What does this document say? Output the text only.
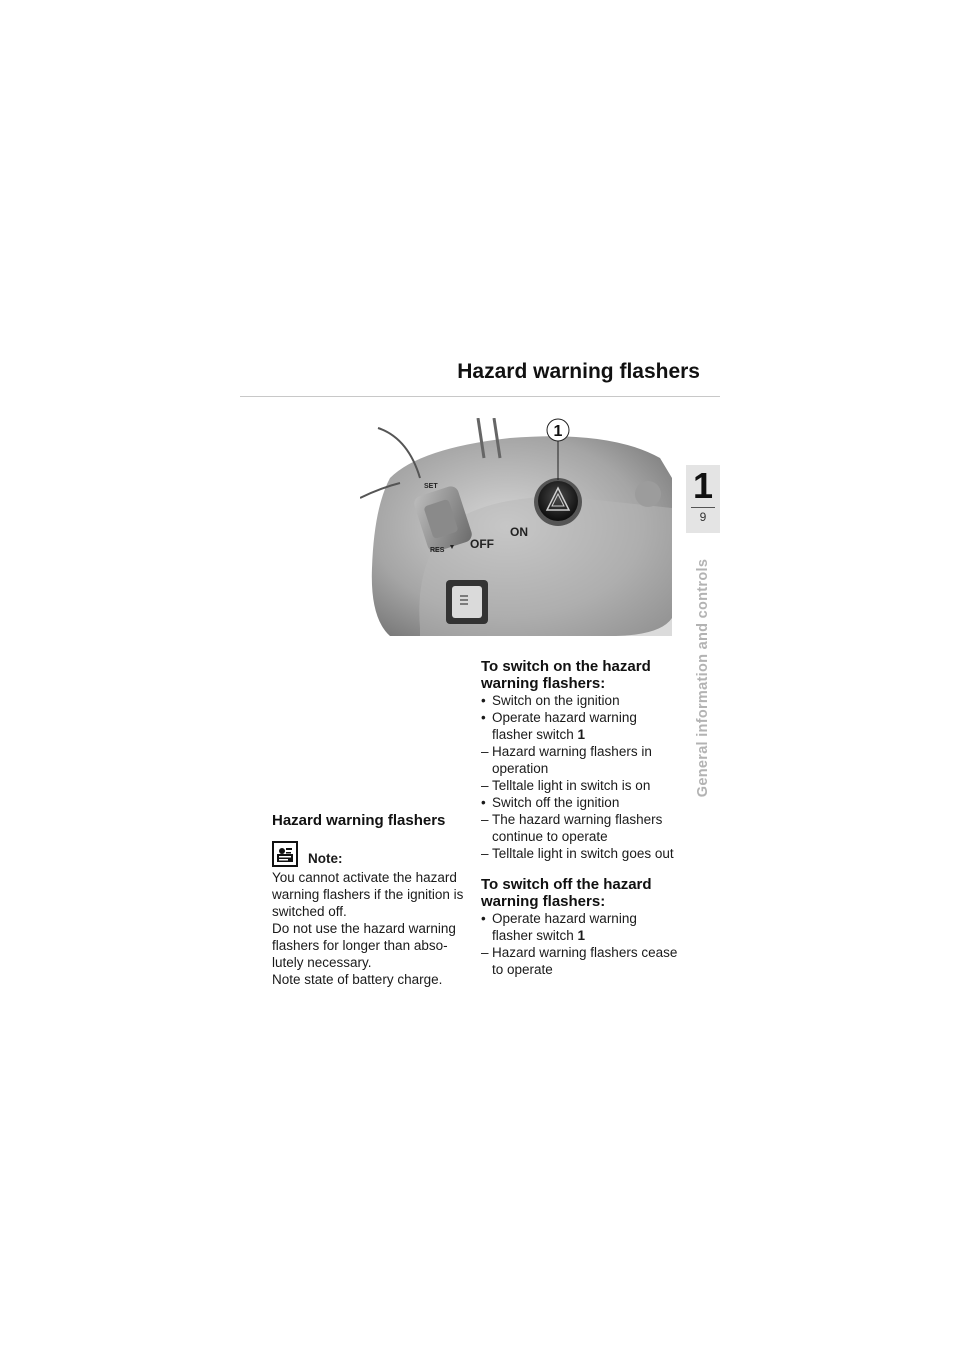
Hazard warning flashers
SET
RES OFF
ON
1
1
9
General information and controls
Hazard warning flashers
Note:

You cannot activate the hazard warning flashers if the ignition is switched off.

Do not use the hazard warning flashers for longer than abso-lutely necessary.

Note state of battery charge.

To switch on the hazard warning flashers:
• Switch on the ignition
• Operate hazard warning flasher switch 1
– Hazard warning flashers in operation
– Telltale light in switch is on
• Switch off the ignition
– The hazard warning flashers continue to operate
– Telltale light in switch goes out
To switch off the hazard warning flashers:
• Operate hazard warning flasher switch 1
– Hazard warning flashers cease to operate
